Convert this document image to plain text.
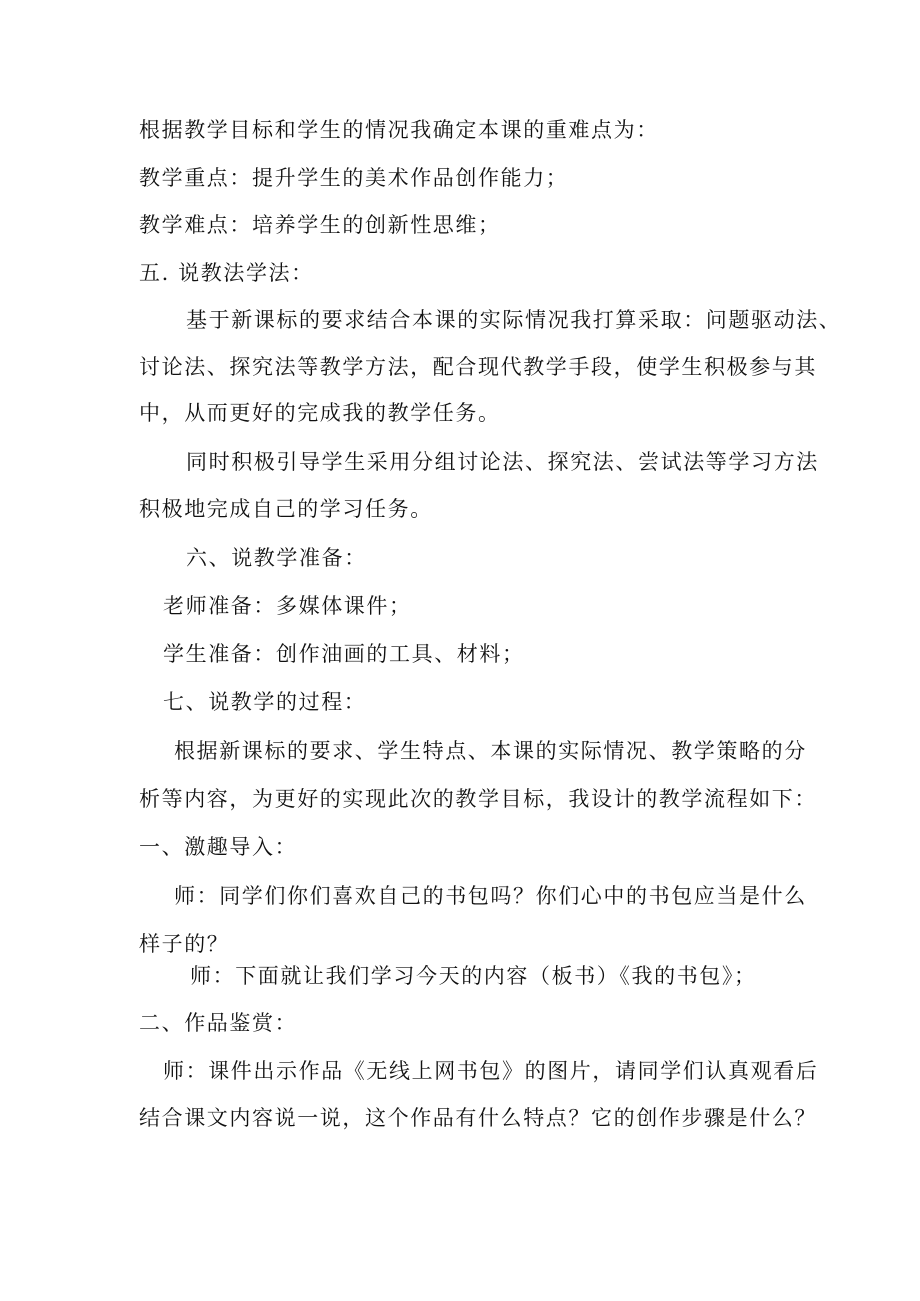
根据教学目标和学生的情况我确定本课的重难点为：
教学重点：提升学生的美术作品创作能力；
教学难点：培养学生的创新性思维；
五. 说教法学法：
基于新课标的要求结合本课的实际情况我打算采取：问题驱动法、
讨论法、探究法等教学方法，配合现代教学手段，使学生积极参与其
中，从而更好的完成我的教学任务。
同时积极引导学生采用分组讨论法、探究法、尝试法等学习方法
积极地完成自己的学习任务。
六、说教学准备：
老师准备：多媒体课件；
学生准备：创作油画的工具、材料；
七、说教学的过程：
根据新课标的要求、学生特点、本课的实际情况、教学策略的分
析等内容，为更好的实现此次的教学目标，我设计的教学流程如下：
一、激趣导入：
师：同学们你们喜欢自己的书包吗？你们心中的书包应当是什么
样子的？
师：下面就让我们学习今天的内容（板书）《我的书包》；
二、作品鉴赏：
师：课件出示作品《无线上网书包》的图片，请同学们认真观看后
结合课文内容说一说，这个作品有什么特点？它的创作步骤是什么？
